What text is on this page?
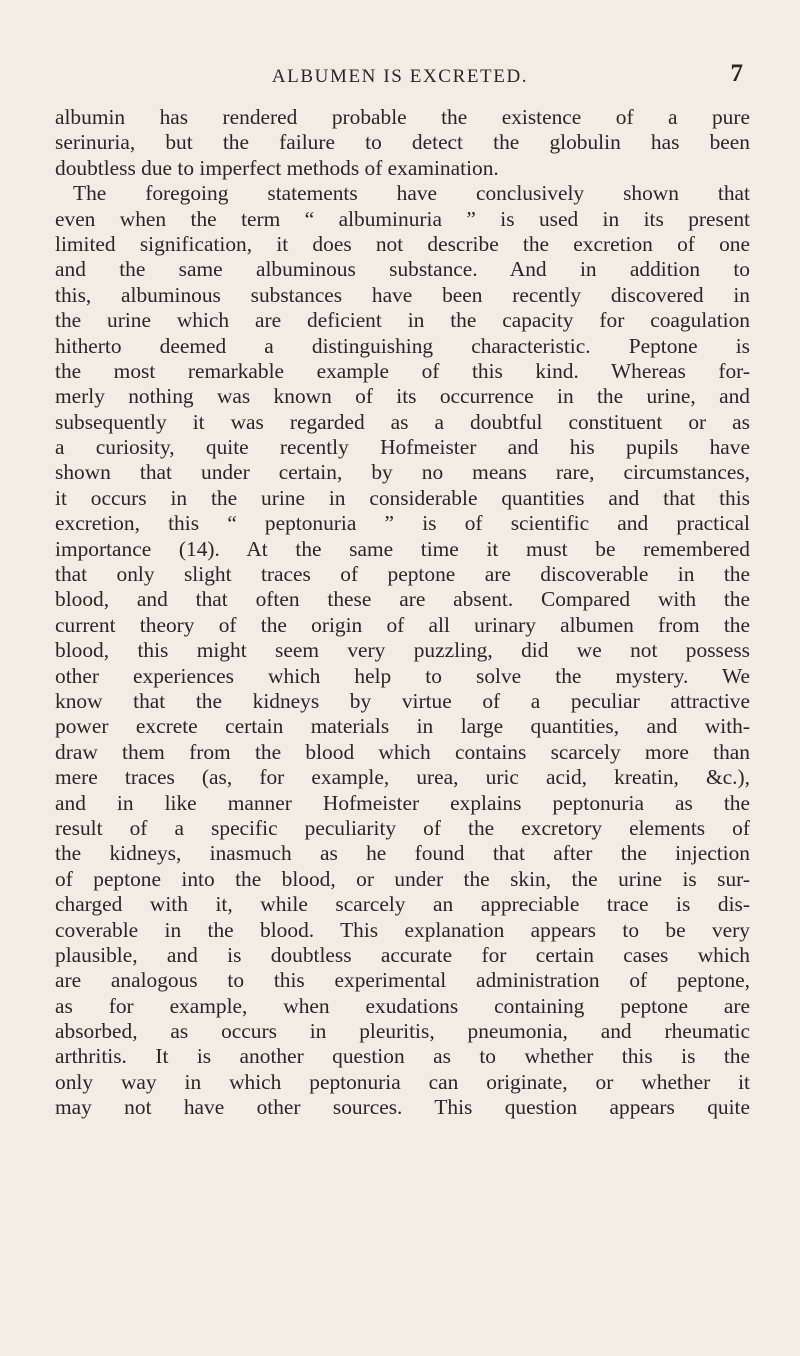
ALBUMEN IS EXCRETED.	7
albumin has rendered probable the existence of a pure
serinuria, but the failure to detect the globulin has been
doubtless due to imperfect methods of examination.
The foregoing statements have conclusively shown that
even when the term “ albuminuria ” is used in its present
limited signification, it does not describe the excretion of one
and the same albuminous substance. And in addition to
this, albuminous substances have been recently discovered in
the urine which are deficient in the capacity for coagulation
hitherto deemed a distinguishing characteristic. Peptone is
the most remarkable example of this kind. Whereas for-
merly nothing was known of its occurrence in the urine, and
subsequently it was regarded as a doubtful constituent or as
a curiosity, quite recently Hofmeister and his pupils have
shown that under certain, by no means rare, circumstances,
it occurs in the urine in considerable quantities and that this
excretion, this “ peptonuria ” is of scientific and practical
importance (14). At the same time it must be remembered
that only slight traces of peptone are discoverable in the
blood, and that often these are absent. Compared with the
current theory of the origin of all urinary albumen from the
blood, this might seem very puzzling, did we not possess
other experiences which help to solve the mystery. We
know that the kidneys by virtue of a peculiar attractive
power excrete certain materials in large quantities, and with-
draw them from the blood which contains scarcely more than
mere traces (as, for example, urea, uric acid, kreatin, &c.),
and in like manner Hofmeister explains peptonuria as the
result of a specific peculiarity of the excretory elements of
the kidneys, inasmuch as he found that after the injection
of peptone into the blood, or under the skin, the urine is sur-
charged with it, while scarcely an appreciable trace is dis-
coverable in the blood. This explanation appears to be very
plausible, and is doubtless accurate for certain cases which
are analogous to this experimental administration of peptone,
as for example, when exudations containing peptone are
absorbed, as occurs in pleuritis, pneumonia, and rheumatic
arthritis. It is another question as to whether this is the
only way in which peptonuria can originate, or whether it
may not have other sources. This question appears quite
